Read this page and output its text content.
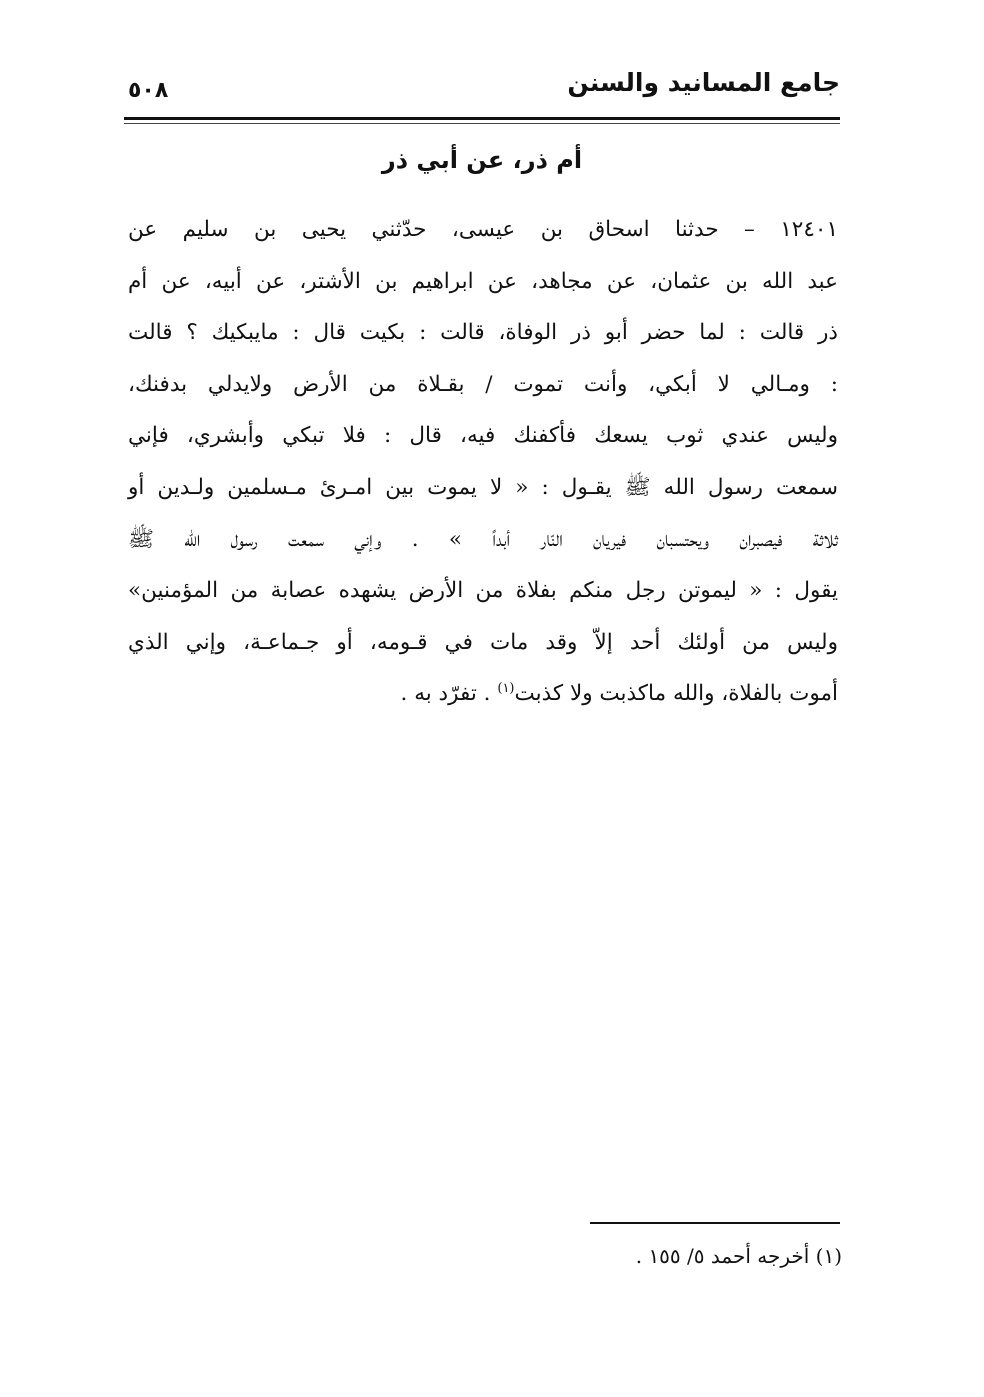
جامع المسانيد والسنن
٥٠٨
أم ذر، عن أبي ذر
١٢٤٠١ – حدثنا اسحاق بن عيسى، حدّثني يحيى بن سليم عن
عبد الله بن عثمان، عن مجاهد، عن ابراهيم بن الأشتر، عن أبيه، عن أم
ذر قالت : لما حضر أبو ذر الوفاة، قالت : بكيت قال : مايبكيك ؟ قالت
: ومـالي لا أبكي، وأنت تموت / بقـلاة من الأرض ولايدلي بدفنك،
وليس عندي ثوب يسعك فأكفنك فيه، قال : فلا تبكي وأبشري، فإني
سمعت رسول الله ﷺ يقـول : « لا يموت بين امـرئ مـسلمين ولـدين أو
ثلاثة فيصبران ويحتسبان فيريان النّار أبداً » . وإني سمعت رسول الله ﷺ
يقول : « ليموتن رجل منكم بفلاة من الأرض يشهده عصابة من المؤمنين»
وليس من أولئك أحد إلاّ وقد مات في قـومه، أو جـماعـة، وإني الذي
أموت بالفلاة، والله ماكذبت ولا كذبت$^{(١)}$ . تفرّد به .
(١) أخرجه أحمد ٥/ ١٥٥ .
